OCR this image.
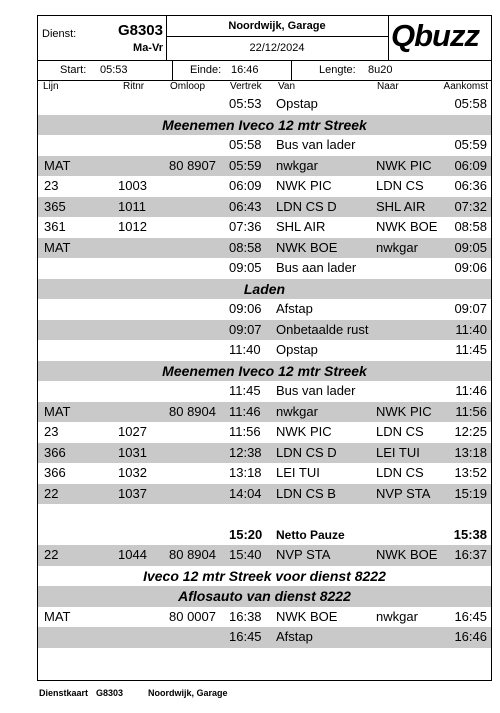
Dienst:	G8303
Ma-Vr
Noordwijk, Garage
22/12/2024	Qbuzz
Start: 05:53	Einde: 16:46	Lengte: 8u20
Lijn	Ritnr	Omloop Vertrek Van	Naar	Aankomst
05:53 Opstap	05:58
Meenemen Iveco 12 mtr Streek
05:58 Bus van lader	05:59
MAT	80 8907 05:59 nwkgar	NWK PIC 06:09
23	1003	06:09 NWK PIC	LDN CS 06:36
365	1011	06:43 LDN CS D	SHL AIR 07:32
361	1012	07:36 SHL AIR	NWK BOE 08:58
MAT	08:58 NWK BOE	nwkgar	09:05
09:05 Bus aan lader	09:06
Laden
09:06 Afstap	09:07
09:07 Onbetaalde rust	11:40
11:40 Opstap	11:45
Meenemen Iveco 12 mtr Streek
11:45 Bus van lader	11:46
MAT	80 8904 11:46 nwkgar	NWK PIC 11:56
23	1027	11:56 NWK PIC	LDN CS 12:25
366	1031	12:38 LDN CS D	LEI TUI	13:18
366	1032	13:18 LEI TUI	LDN CS 13:52
22	1037	14:04 LDN CS B	NVP STA 15:19
15:20 Netto Pauze	15:38
22	1044 80 8904 15:40 NVP STA	NWK BOE 16:37
Iveco 12 mtr Streek voor dienst 8222
Aflosauto van dienst 8222
MAT	80 0007 16:38 NWK BOE	nwkgar	16:45
16:45 Afstap	16:46
Dienstkaart G8303	Noordwijk, Garage
